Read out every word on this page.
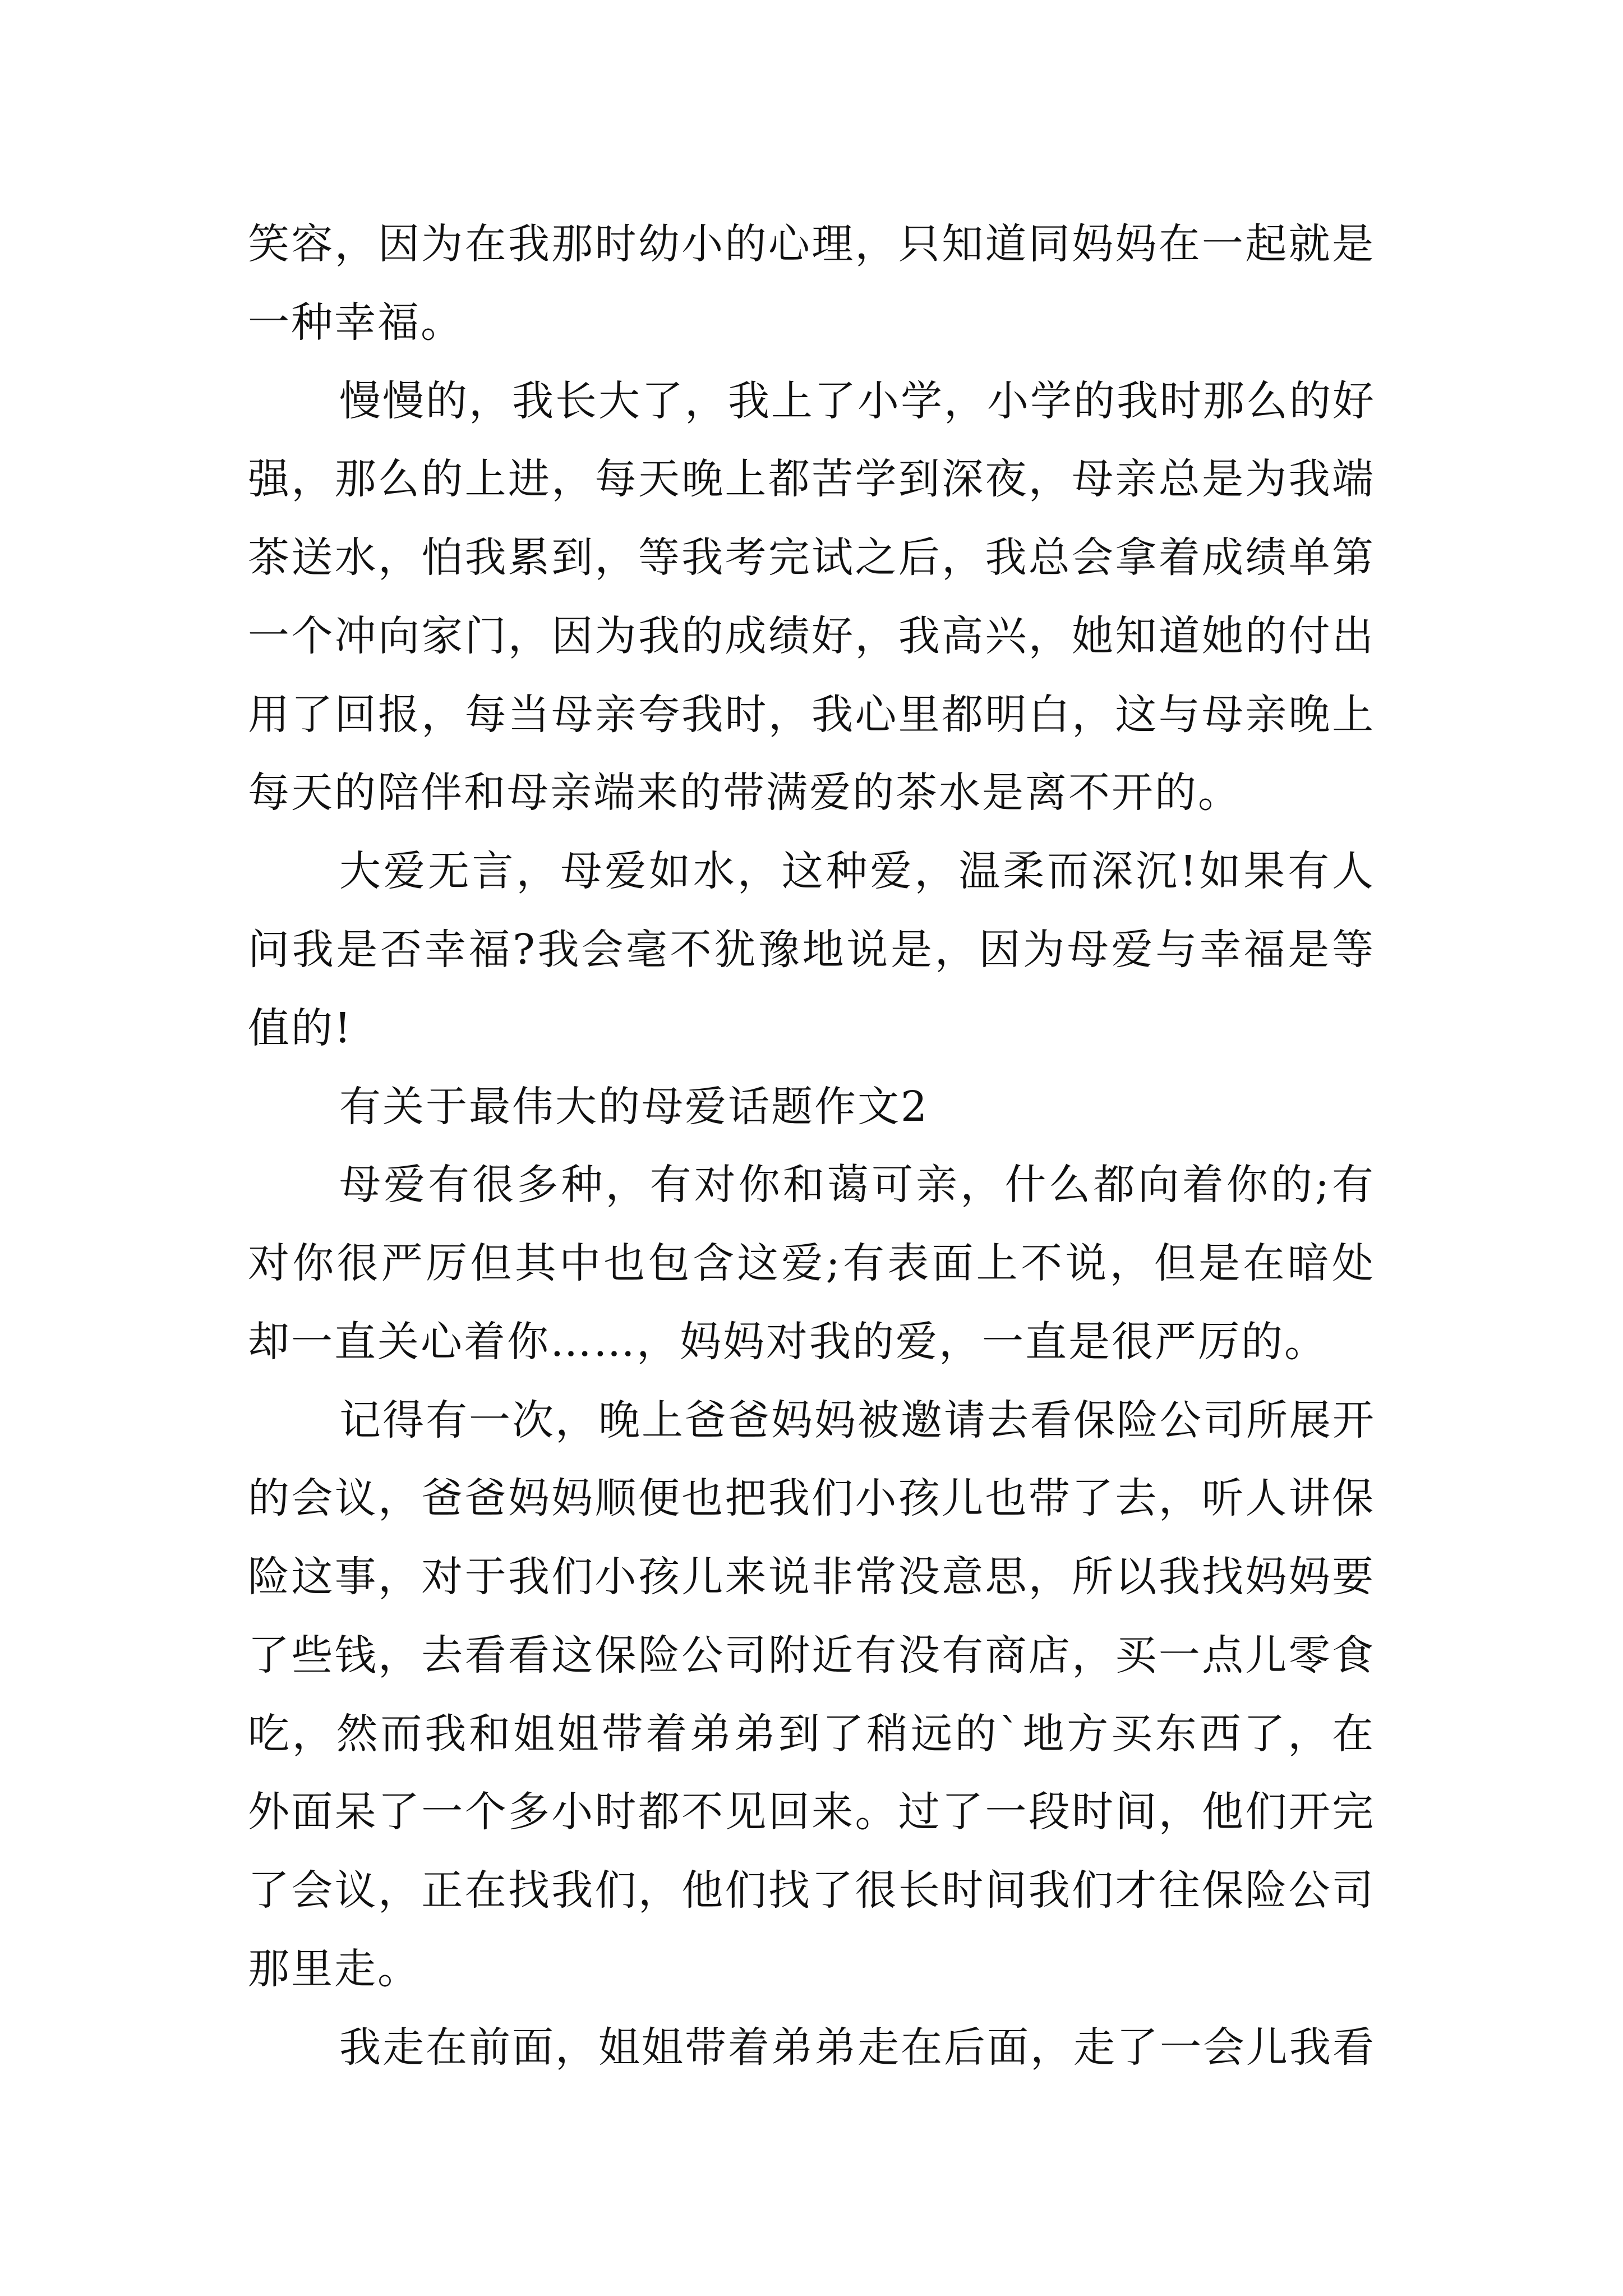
笑容，因为在我那时幼小的心理，只知道同妈妈在一起就是
一种幸福。
慢慢的，我长大了，我上了小学，小学的我时那么的好
强，那么的上进，每天晚上都苦学到深夜，母亲总是为我端
茶送水，怕我累到，等我考完试之后，我总会拿着成绩单第
一个冲向家门，因为我的成绩好，我高兴，她知道她的付出
用了回报，每当母亲夸我时，我心里都明白，这与母亲晚上
每天的陪伴和母亲端来的带满爱的茶水是离不开的。
大爱无言，母爱如水，这种爱，温柔而深沉!如果有人
问我是否幸福?我会毫不犹豫地说是，因为母爱与幸福是等
值的!
有关于最伟大的母爱话题作文2
母爱有很多种，有对你和蔼可亲，什么都向着你的;有
对你很严厉但其中也包含这爱;有表面上不说，但是在暗处
却一直关心着你……，妈妈对我的爱，一直是很严厉的。
记得有一次，晚上爸爸妈妈被邀请去看保险公司所展开
的会议，爸爸妈妈顺便也把我们小孩儿也带了去，听人讲保
险这事，对于我们小孩儿来说非常没意思，所以我找妈妈要
了些钱，去看看这保险公司附近有没有商店，买一点儿零食
吃，然而我和姐姐带着弟弟到了稍远的`地方买东西了，在
外面呆了一个多小时都不见回来。过了一段时间，他们开完
了会议，正在找我们，他们找了很长时间我们才往保险公司
那里走。
我走在前面，姐姐带着弟弟走在后面，走了一会儿我看
